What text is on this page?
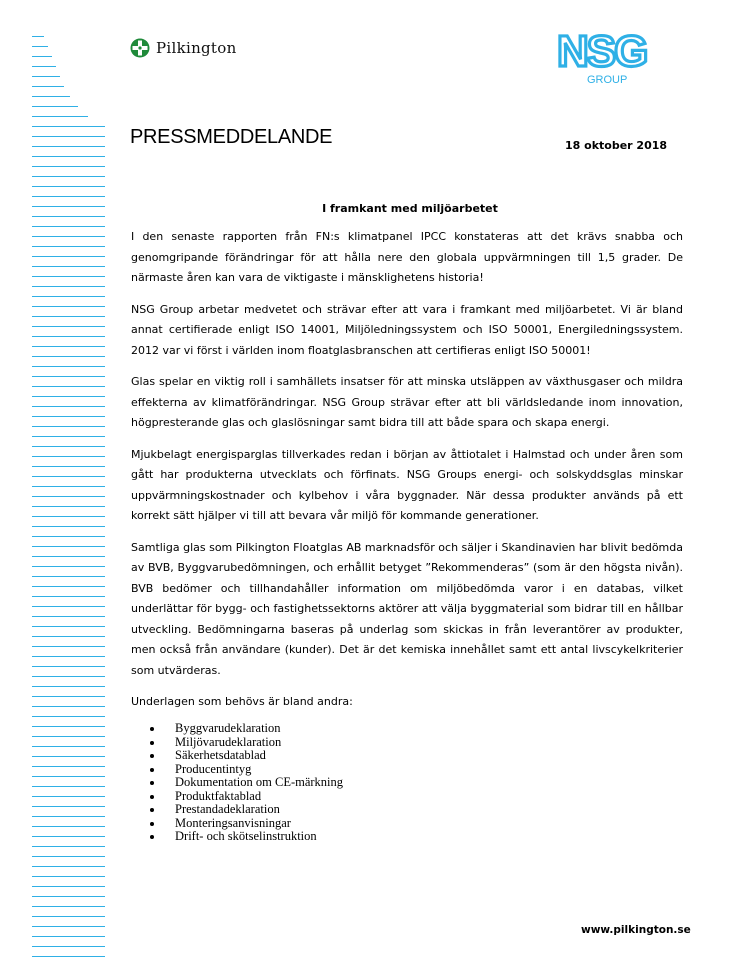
Pilkington	NSG
GROUP
PRESSMEDDELANDE	18 oktober 2018
I framkant med miljöarbetet

I den senaste rapporten från FN:s klimatpanel IPCC konstateras att det krävs snabba och genomgripande förändringar för att hålla nere den globala uppvärmningen till 1,5 grader. De närmaste åren kan vara de viktigaste i mänsklighetens historia!

NSG Group arbetar medvetet och strävar efter att vara i framkant med miljöarbetet. Vi är bland annat certifierade enligt ISO 14001, Miljöledningssystem och ISO 50001, Energiledningssystem. 2012 var vi först i världen inom floatglasbranschen att certifieras enligt ISO 50001!

Glas spelar en viktig roll i samhällets insatser för att minska utsläppen av växthusgaser och mildra effekterna av klimatförändringar. NSG Group strävar efter att bli världsledande inom innovation, högpresterande glas och glaslösningar samt bidra till att både spara och skapa energi.

Mjukbelagt energisparglas tillverkades redan i början av åttiotalet i Halmstad och under åren som gått har produkterna utvecklats och förfinats. NSG Groups energi- och solskyddsglas minskar uppvärmningskostnader och kylbehov i våra byggnader. När dessa produkter används på ett korrekt sätt hjälper vi till att bevara vår miljö för kommande generationer.

Samtliga glas som Pilkington Floatglas AB marknadsför och säljer i Skandinavien har blivit bedömda av BVB, Byggvarubedömningen, och erhållit betyget ”Rekommenderas” (som är den högsta nivån). BVB bedömer och tillhandahåller information om miljöbedömda varor i en databas, vilket underlättar för bygg- och fastighetssektorns aktörer att välja byggmaterial som bidrar till en hållbar utveckling. Bedömningarna baseras på underlag som skickas in från leverantörer av produkter, men också från användare (kunder). Det är det kemiska innehållet samt ett antal livscykelkriterier som utvärderas.

Underlagen som behövs är bland andra:

Byggvarudeklaration
Miljövarudeklaration
Säkerhetsdatablad
Producentintyg
Dokumentation om CE-märkning
Produktfaktablad
Prestandadeklaration
Monteringsanvisningar
Drift- och skötselinstruktion
www.pilkington.se
